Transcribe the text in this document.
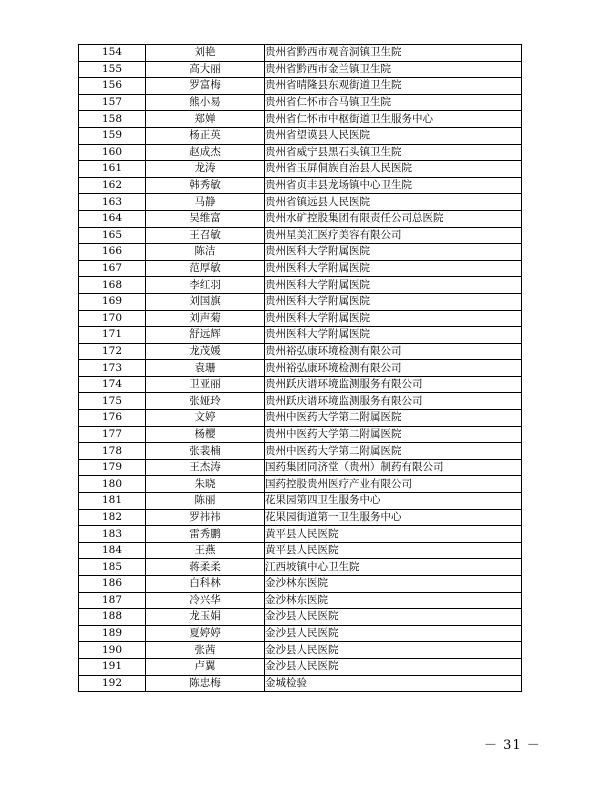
154	刘艳	贵州省黔西市观音洞镇卫生院
155	高大丽	贵州省黔西市金兰镇卫生院
156	罗富梅	贵州省晴隆县东观街道卫生院
157	熊小易	贵州省仁怀市合马镇卫生院
158	郑婵	贵州省仁怀市中枢街道卫生服务中心
159	杨正英	贵州省望谟县人民医院
160	赵成杰	贵州省威宁县黑石头镇卫生院
161	龙涛	贵州省玉屏侗族自治县人民医院
162	韩秀敏	贵州省贞丰县龙场镇中心卫生院
163	马静	贵州省镇远县人民医院
164	吴维富	贵州水矿控股集团有限责任公司总医院
165	王召敏	贵州星美汇医疗美容有限公司
166	陈洁	贵州医科大学附属医院
167	范厚敏	贵州医科大学附属医院
168	李红羽	贵州医科大学附属医院
169	刘国旗	贵州医科大学附属医院
170	刘声菊	贵州医科大学附属医院
171	舒远辉	贵州医科大学附属医院
172	龙茂媛	贵州裕弘康环境检测有限公司
173	袁珊	贵州裕弘康环境检测有限公司
174	卫亚丽	贵州跃庆谱环境监测服务有限公司
175	张娅玲	贵州跃庆谱环境监测服务有限公司
176	文婷	贵州中医药大学第二附属医院
177	杨樱	贵州中医药大学第二附属医院
178	张裴楠	贵州中医药大学第二附属医院
179	王杰涛	国药集团同济堂（贵州）制药有限公司
180	朱晓	国药控股贵州医疗产业有限公司
181	陈丽	花果园第四卫生服务中心
182	罗祎祎	花果园街道第一卫生服务中心
183	雷秀鹏	黄平县人民医院
184	王燕	黄平县人民医院
185	蒋柔柔	江西坡镇中心卫生院
186	白科林	金沙林东医院
187	冷兴华	金沙林东医院
188	龙玉娟	金沙县人民医院
189	夏婷婷	金沙县人民医院
190	张茜	金沙县人民医院
191	卢翼	金沙县人民医院
192	陈忠梅	金城检验
－ 31 －
